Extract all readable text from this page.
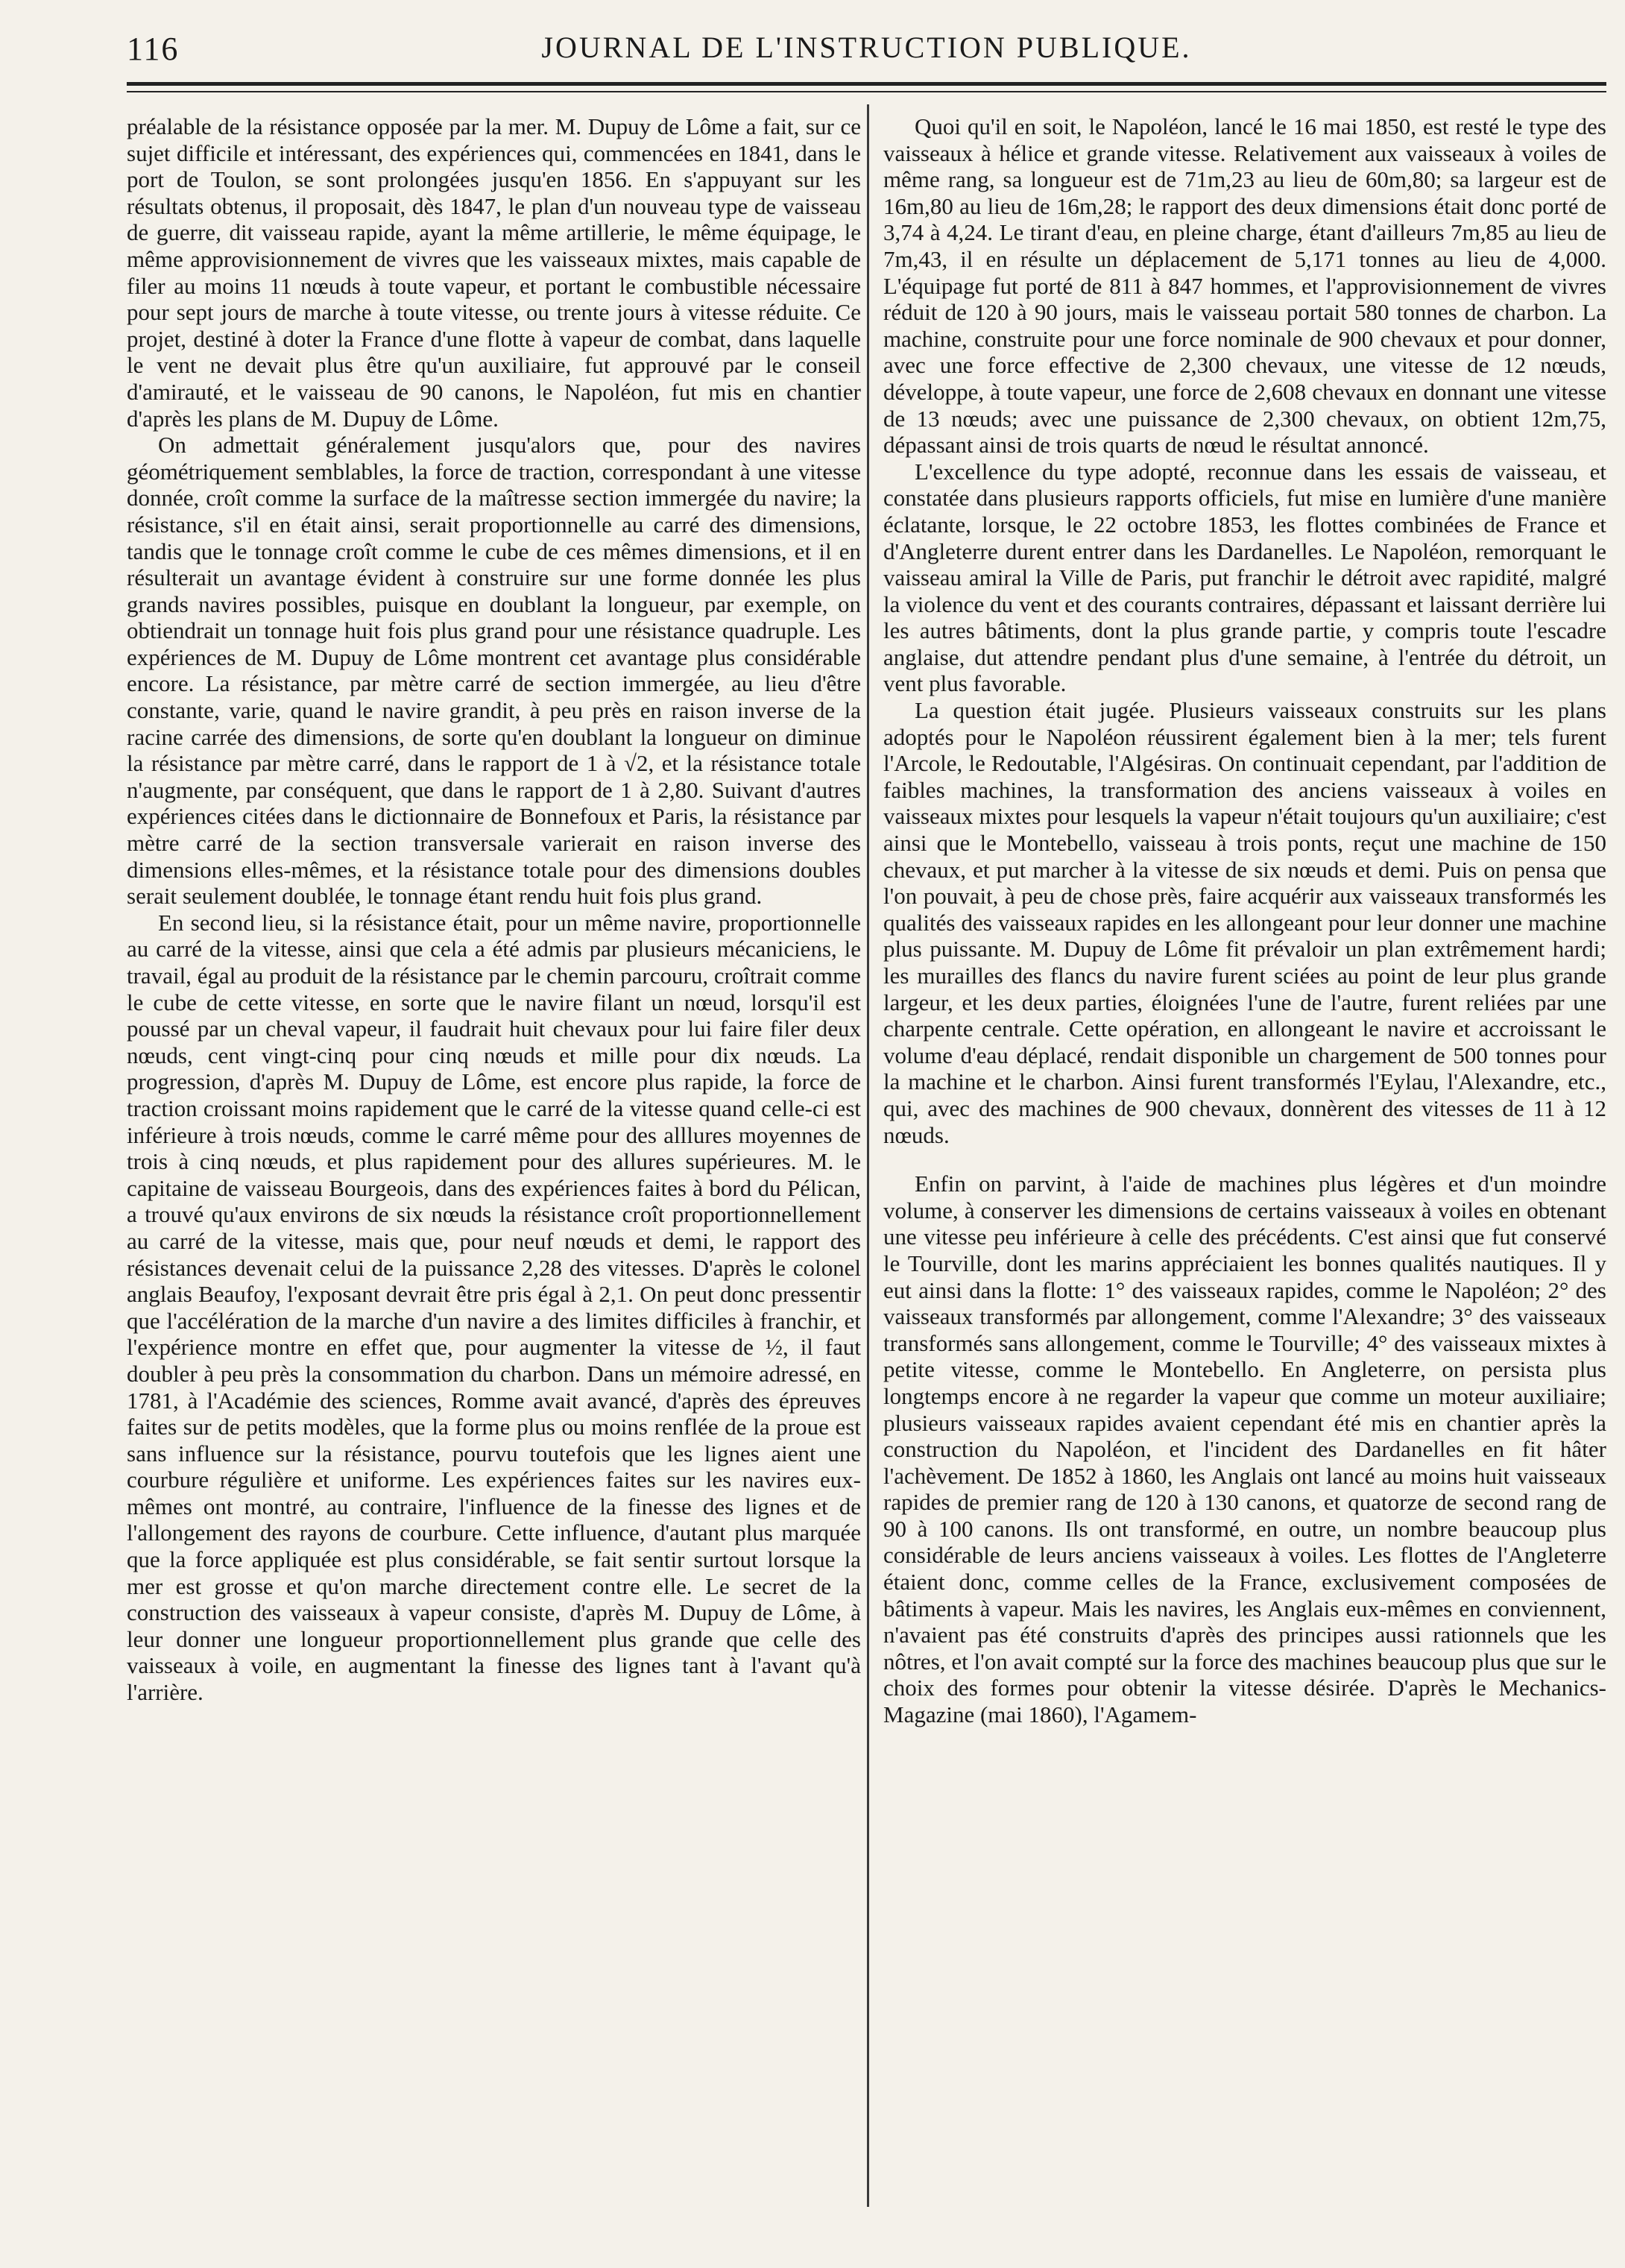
116	JOURNAL DE L'INSTRUCTION PUBLIQUE.

préalable de la résistance opposée par la mer. M. Dupuy de Lôme a fait, sur ce sujet difficile et intéressant, des expériences qui, commencées en 1841, dans le port de Toulon, se sont prolongées jusqu'en 1856. En s'appuyant sur les résultats obtenus, il proposait, dès 1847, le plan d'un nouveau type de vaisseau de guerre, dit vaisseau rapide, ayant la même artillerie, le même équipage, le même approvisionnement de vivres que les vaisseaux mixtes, mais capable de filer au moins 11 nœuds à toute vapeur, et portant le combustible nécessaire pour sept jours de marche à toute vitesse, ou trente jours à vitesse réduite. Ce projet, destiné à doter la France d'une flotte à vapeur de combat, dans laquelle le vent ne devait plus être qu'un auxiliaire, fut approuvé par le conseil d'amirauté, et le vaisseau de 90 canons, le Napoléon, fut mis en chantier d'après les plans de M. Dupuy de Lôme.

On admettait généralement jusqu'alors que, pour des navires géométriquement semblables, la force de traction, correspondant à une vitesse donnée, croît comme la surface de la maîtresse section immergée du navire; la résistance, s'il en était ainsi, serait proportionnelle au carré des dimensions, tandis que le tonnage croît comme le cube de ces mêmes dimensions, et il en résulterait un avantage évident à construire sur une forme donnée les plus grands navires possibles, puisque en doublant la longueur, par exemple, on obtiendrait un tonnage huit fois plus grand pour une résistance quadruple. Les expériences de M. Dupuy de Lôme montrent cet avantage plus considérable encore. La résistance, par mètre carré de section immergée, au lieu d'être constante, varie, quand le navire grandit, à peu près en raison inverse de la racine carrée des dimensions, de sorte qu'en doublant la longueur on diminue la résistance par mètre carré, dans le rapport de 1 à √2, et la résistance totale n'augmente, par conséquent, que dans le rapport de 1 à 2,80. Suivant d'autres expériences citées dans le dictionnaire de Bonnefoux et Paris, la résistance par mètre carré de la section transversale varierait en raison inverse des dimensions elles-mêmes, et la résistance totale pour des dimensions doubles serait seulement doublée, le tonnage étant rendu huit fois plus grand.

En second lieu, si la résistance était, pour un même navire, proportionnelle au carré de la vitesse, ainsi que cela a été admis par plusieurs mécaniciens, le travail, égal au produit de la résistance par le chemin parcouru, croîtrait comme le cube de cette vitesse, en sorte que le navire filant un nœud, lorsqu'il est poussé par un cheval vapeur, il faudrait huit chevaux pour lui faire filer deux nœuds, cent vingt-cinq pour cinq nœuds et mille pour dix nœuds. La progression, d'après M. Dupuy de Lôme, est encore plus rapide, la force de traction croissant moins rapidement que le carré de la vitesse quand celle-ci est inférieure à trois nœuds, comme le carré même pour des alllures moyennes de trois à cinq nœuds, et plus rapidement pour des allures supérieures. M. le capitaine de vaisseau Bourgeois, dans des expériences faites à bord du Pélican, a trouvé qu'aux environs de six nœuds la résistance croît proportionnellement au carré de la vitesse, mais que, pour neuf nœuds et demi, le rapport des résistances devenait celui de la puissance 2,28 des vitesses. D'après le colonel anglais Beaufoy, l'exposant devrait être pris égal à 2,1. On peut donc pressentir que l'accélération de la marche d'un navire a des limites difficiles à franchir, et l'expérience montre en effet que, pour augmenter la vitesse de ½, il faut doubler à peu près la consommation du charbon. Dans un mémoire adressé, en 1781, à l'Académie des sciences, Romme avait avancé, d'après des épreuves faites sur de petits modèles, que la forme plus ou moins renflée de la proue est sans influence sur la résistance, pourvu toutefois que les lignes aient une courbure régulière et uniforme. Les expériences faites sur les navires eux-mêmes ont montré, au contraire, l'influence de la finesse des lignes et de l'allongement des rayons de courbure. Cette influence, d'autant plus marquée que la force appliquée est plus considérable, se fait sentir surtout lorsque la mer est grosse et qu'on marche directement contre elle. Le secret de la construction des vaisseaux à vapeur consiste, d'après M. Dupuy de Lôme, à leur donner une longueur proportionnellement plus grande que celle des vaisseaux à voile, en augmentant la finesse des lignes tant à l'avant qu'à l'arrière.

Quoi qu'il en soit, le Napoléon, lancé le 16 mai 1850, est resté le type des vaisseaux à hélice et grande vitesse. Relativement aux vaisseaux à voiles de même rang, sa longueur est de 71m,23 au lieu de 60m,80; sa largeur est de 16m,80 au lieu de 16m,28; le rapport des deux dimensions était donc porté de 3,74 à 4,24. Le tirant d'eau, en pleine charge, étant d'ailleurs 7m,85 au lieu de 7m,43, il en résulte un déplacement de 5,171 tonnes au lieu de 4,000. L'équipage fut porté de 811 à 847 hommes, et l'approvisionnement de vivres réduit de 120 à 90 jours, mais le vaisseau portait 580 tonnes de charbon. La machine, construite pour une force nominale de 900 chevaux et pour donner, avec une force effective de 2,300 chevaux, une vitesse de 12 nœuds, développe, à toute vapeur, une force de 2,608 chevaux en donnant une vitesse de 13 nœuds; avec une puissance de 2,300 chevaux, on obtient 12m,75, dépassant ainsi de trois quarts de nœud le résultat annoncé.

L'excellence du type adopté, reconnue dans les essais de vaisseau, et constatée dans plusieurs rapports officiels, fut mise en lumière d'une manière éclatante, lorsque, le 22 octobre 1853, les flottes combinées de France et d'Angleterre durent entrer dans les Dardanelles. Le Napoléon, remorquant le vaisseau amiral la Ville de Paris, put franchir le détroit avec rapidité, malgré la violence du vent et des courants contraires, dépassant et laissant derrière lui les autres bâtiments, dont la plus grande partie, y compris toute l'escadre anglaise, dut attendre pendant plus d'une semaine, à l'entrée du détroit, un vent plus favorable.

La question était jugée. Plusieurs vaisseaux construits sur les plans adoptés pour le Napoléon réussirent également bien à la mer; tels furent l'Arcole, le Redoutable, l'Algésiras. On continuait cependant, par l'addition de faibles machines, la transformation des anciens vaisseaux à voiles en vaisseaux mixtes pour lesquels la vapeur n'était toujours qu'un auxiliaire; c'est ainsi que le Montebello, vaisseau à trois ponts, reçut une machine de 150 chevaux, et put marcher à la vitesse de six nœuds et demi. Puis on pensa que l'on pouvait, à peu de chose près, faire acquérir aux vaisseaux transformés les qualités des vaisseaux rapides en les allongeant pour leur donner une machine plus puissante. M. Dupuy de Lôme fit prévaloir un plan extrêmement hardi; les murailles des flancs du navire furent sciées au point de leur plus grande largeur, et les deux parties, éloignées l'une de l'autre, furent reliées par une charpente centrale. Cette opération, en allongeant le navire et accroissant le volume d'eau déplacé, rendait disponible un chargement de 500 tonnes pour la machine et le charbon. Ainsi furent transformés l'Eylau, l'Alexandre, etc., qui, avec des machines de 900 chevaux, donnèrent des vitesses de 11 à 12 nœuds.

Enfin on parvint, à l'aide de machines plus légères et d'un moindre volume, à conserver les dimensions de certains vaisseaux à voiles en obtenant une vitesse peu inférieure à celle des précédents. C'est ainsi que fut conservé le Tourville, dont les marins appréciaient les bonnes qualités nautiques. Il y eut ainsi dans la flotte: 1° des vaisseaux rapides, comme le Napoléon; 2° des vaisseaux transformés par allongement, comme l'Alexandre; 3° des vaisseaux transformés sans allongement, comme le Tourville; 4° des vaisseaux mixtes à petite vitesse, comme le Montebello. En Angleterre, on persista plus longtemps encore à ne regarder la vapeur que comme un moteur auxiliaire; plusieurs vaisseaux rapides avaient cependant été mis en chantier après la construction du Napoléon, et l'incident des Dardanelles en fit hâter l'achèvement. De 1852 à 1860, les Anglais ont lancé au moins huit vaisseaux rapides de premier rang de 120 à 130 canons, et quatorze de second rang de 90 à 100 canons. Ils ont transformé, en outre, un nombre beaucoup plus considérable de leurs anciens vaisseaux à voiles. Les flottes de l'Angleterre étaient donc, comme celles de la France, exclusivement composées de bâtiments à vapeur. Mais les navires, les Anglais eux-mêmes en conviennent, n'avaient pas été construits d'après des principes aussi rationnels que les nôtres, et l'on avait compté sur la force des machines beaucoup plus que sur le choix des formes pour obtenir la vitesse désirée. D'après le Mechanics-Magazine (mai 1860), l'Agamem-
